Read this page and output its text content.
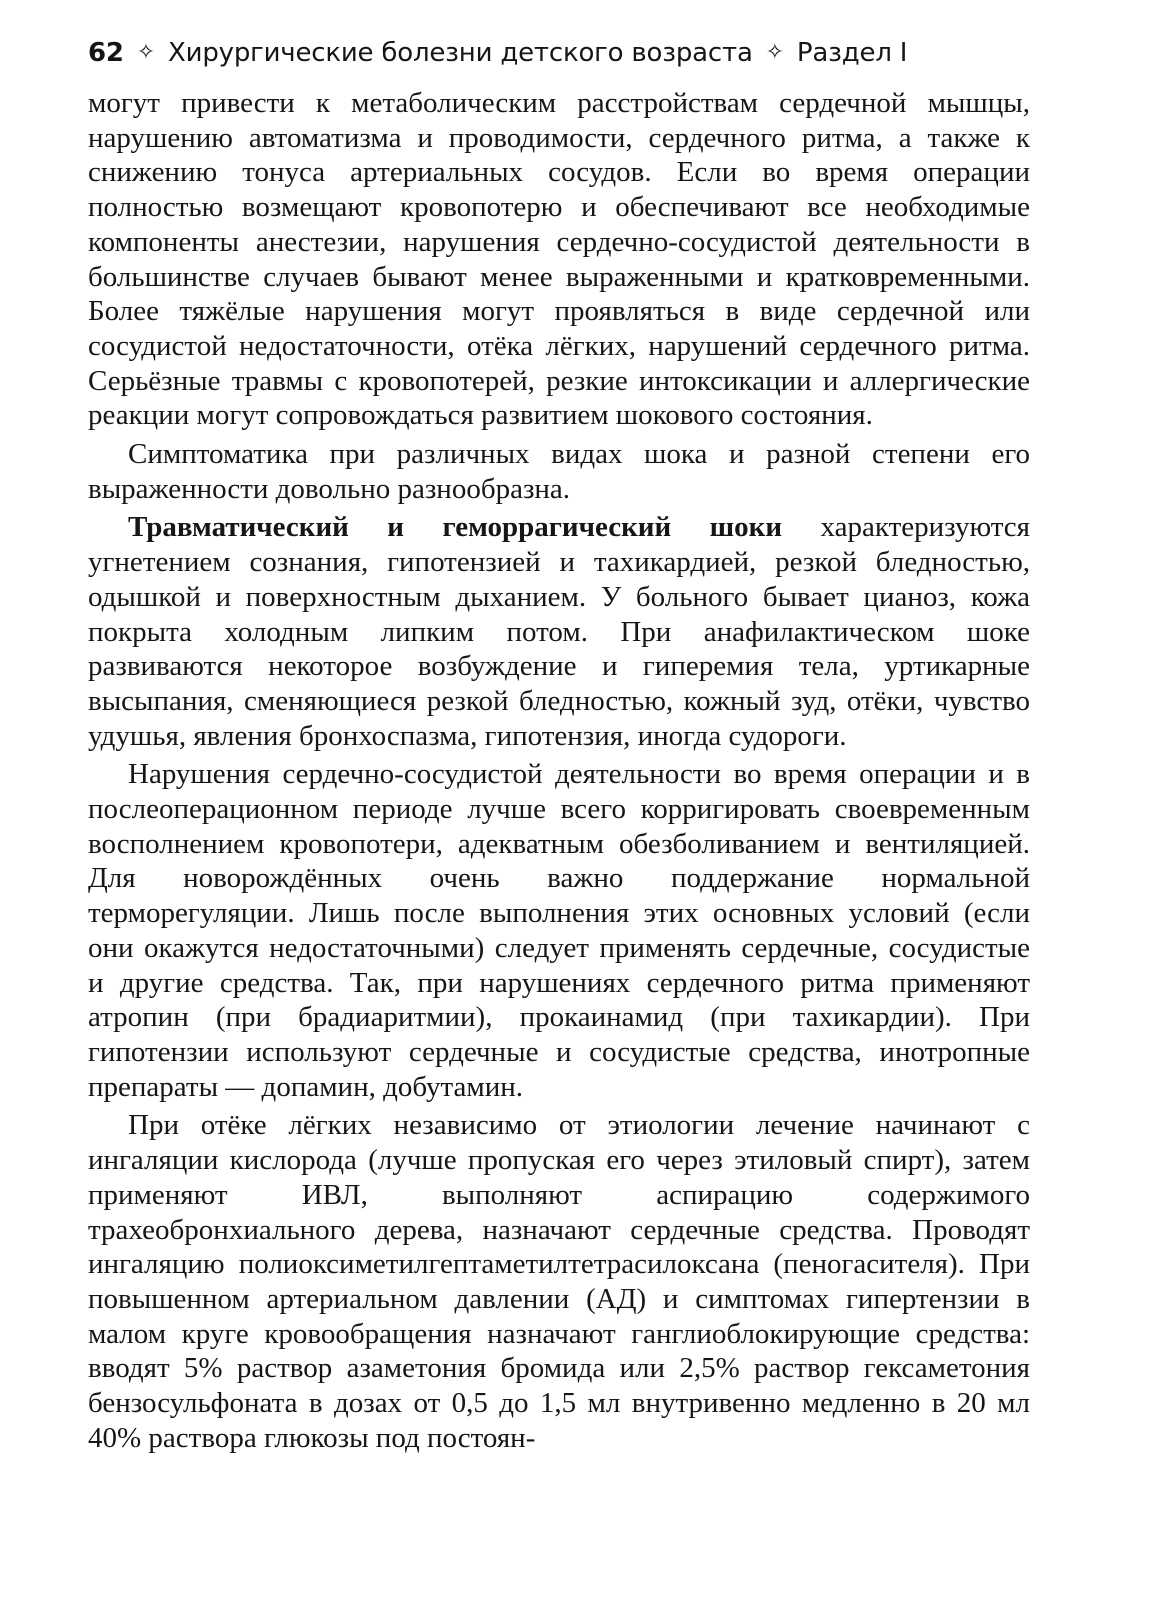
62 ✧ Хирургические болезни детского возраста ✧ Раздел I

могут привести к метаболическим расстройствам сердечной мышцы, нарушению автоматизма и проводимости, сердечного ритма, а также к снижению тонуса артериальных сосудов. Если во время операции полностью возмещают кровопотерю и обеспечивают все необходимые компоненты анестезии, нарушения сердечно-сосудистой деятельности в большинстве случаев бывают менее выраженными и кратковременными. Более тяжёлые нарушения могут проявляться в виде сердечной или сосудистой недостаточности, отёка лёгких, нарушений сердечного ритма. Серьёзные травмы с кровопотерей, резкие интоксикации и аллергические реакции могут сопровождаться развитием шокового состояния.

Симптоматика при различных видах шока и разной степени его выраженности довольно разнообразна.

Травматический и геморрагический шоки характеризуются угнетением сознания, гипотензией и тахикардией, резкой бледностью, одышкой и поверхностным дыханием. У больного бывает цианоз, кожа покрыта холодным липким потом. При анафилактическом шоке развиваются некоторое возбуждение и гиперемия тела, уртикарные высыпания, сменяющиеся резкой бледностью, кожный зуд, отёки, чувство удушья, явления бронхоспазма, гипотензия, иногда судороги.

Нарушения сердечно-сосудистой деятельности во время операции и в послеоперационном периоде лучше всего корригировать своевременным восполнением кровопотери, адекватным обезболиванием и вентиляцией. Для новорождённых очень важно поддержание нормальной терморегуляции. Лишь после выполнения этих основных условий (если они окажутся недостаточными) следует применять сердечные, сосудистые и другие средства. Так, при нарушениях сердечного ритма применяют атропин (при брадиаритмии), прокаинамид (при тахикардии). При гипотензии используют сердечные и сосудистые средства, инотропные препараты — допамин, добутамин.

При отёке лёгких независимо от этиологии лечение начинают с ингаляции кислорода (лучше пропуская его через этиловый спирт), затем применяют ИВЛ, выполняют аспирацию содержимого трахеобронхиального дерева, назначают сердечные средства. Проводят ингаляцию полиоксиметилгептаметилтетрасилоксана (пеногасителя). При повышенном артериальном давлении (АД) и симптомах гипертензии в малом круге кровообращения назначают ганглиоблокирующие средства: вводят 5% раствор азаметония бромида или 2,5% раствор гексаметония бензосульфоната в дозах от 0,5 до 1,5 мл внутривенно медленно в 20 мл 40% раствора глюкозы под постоян-
